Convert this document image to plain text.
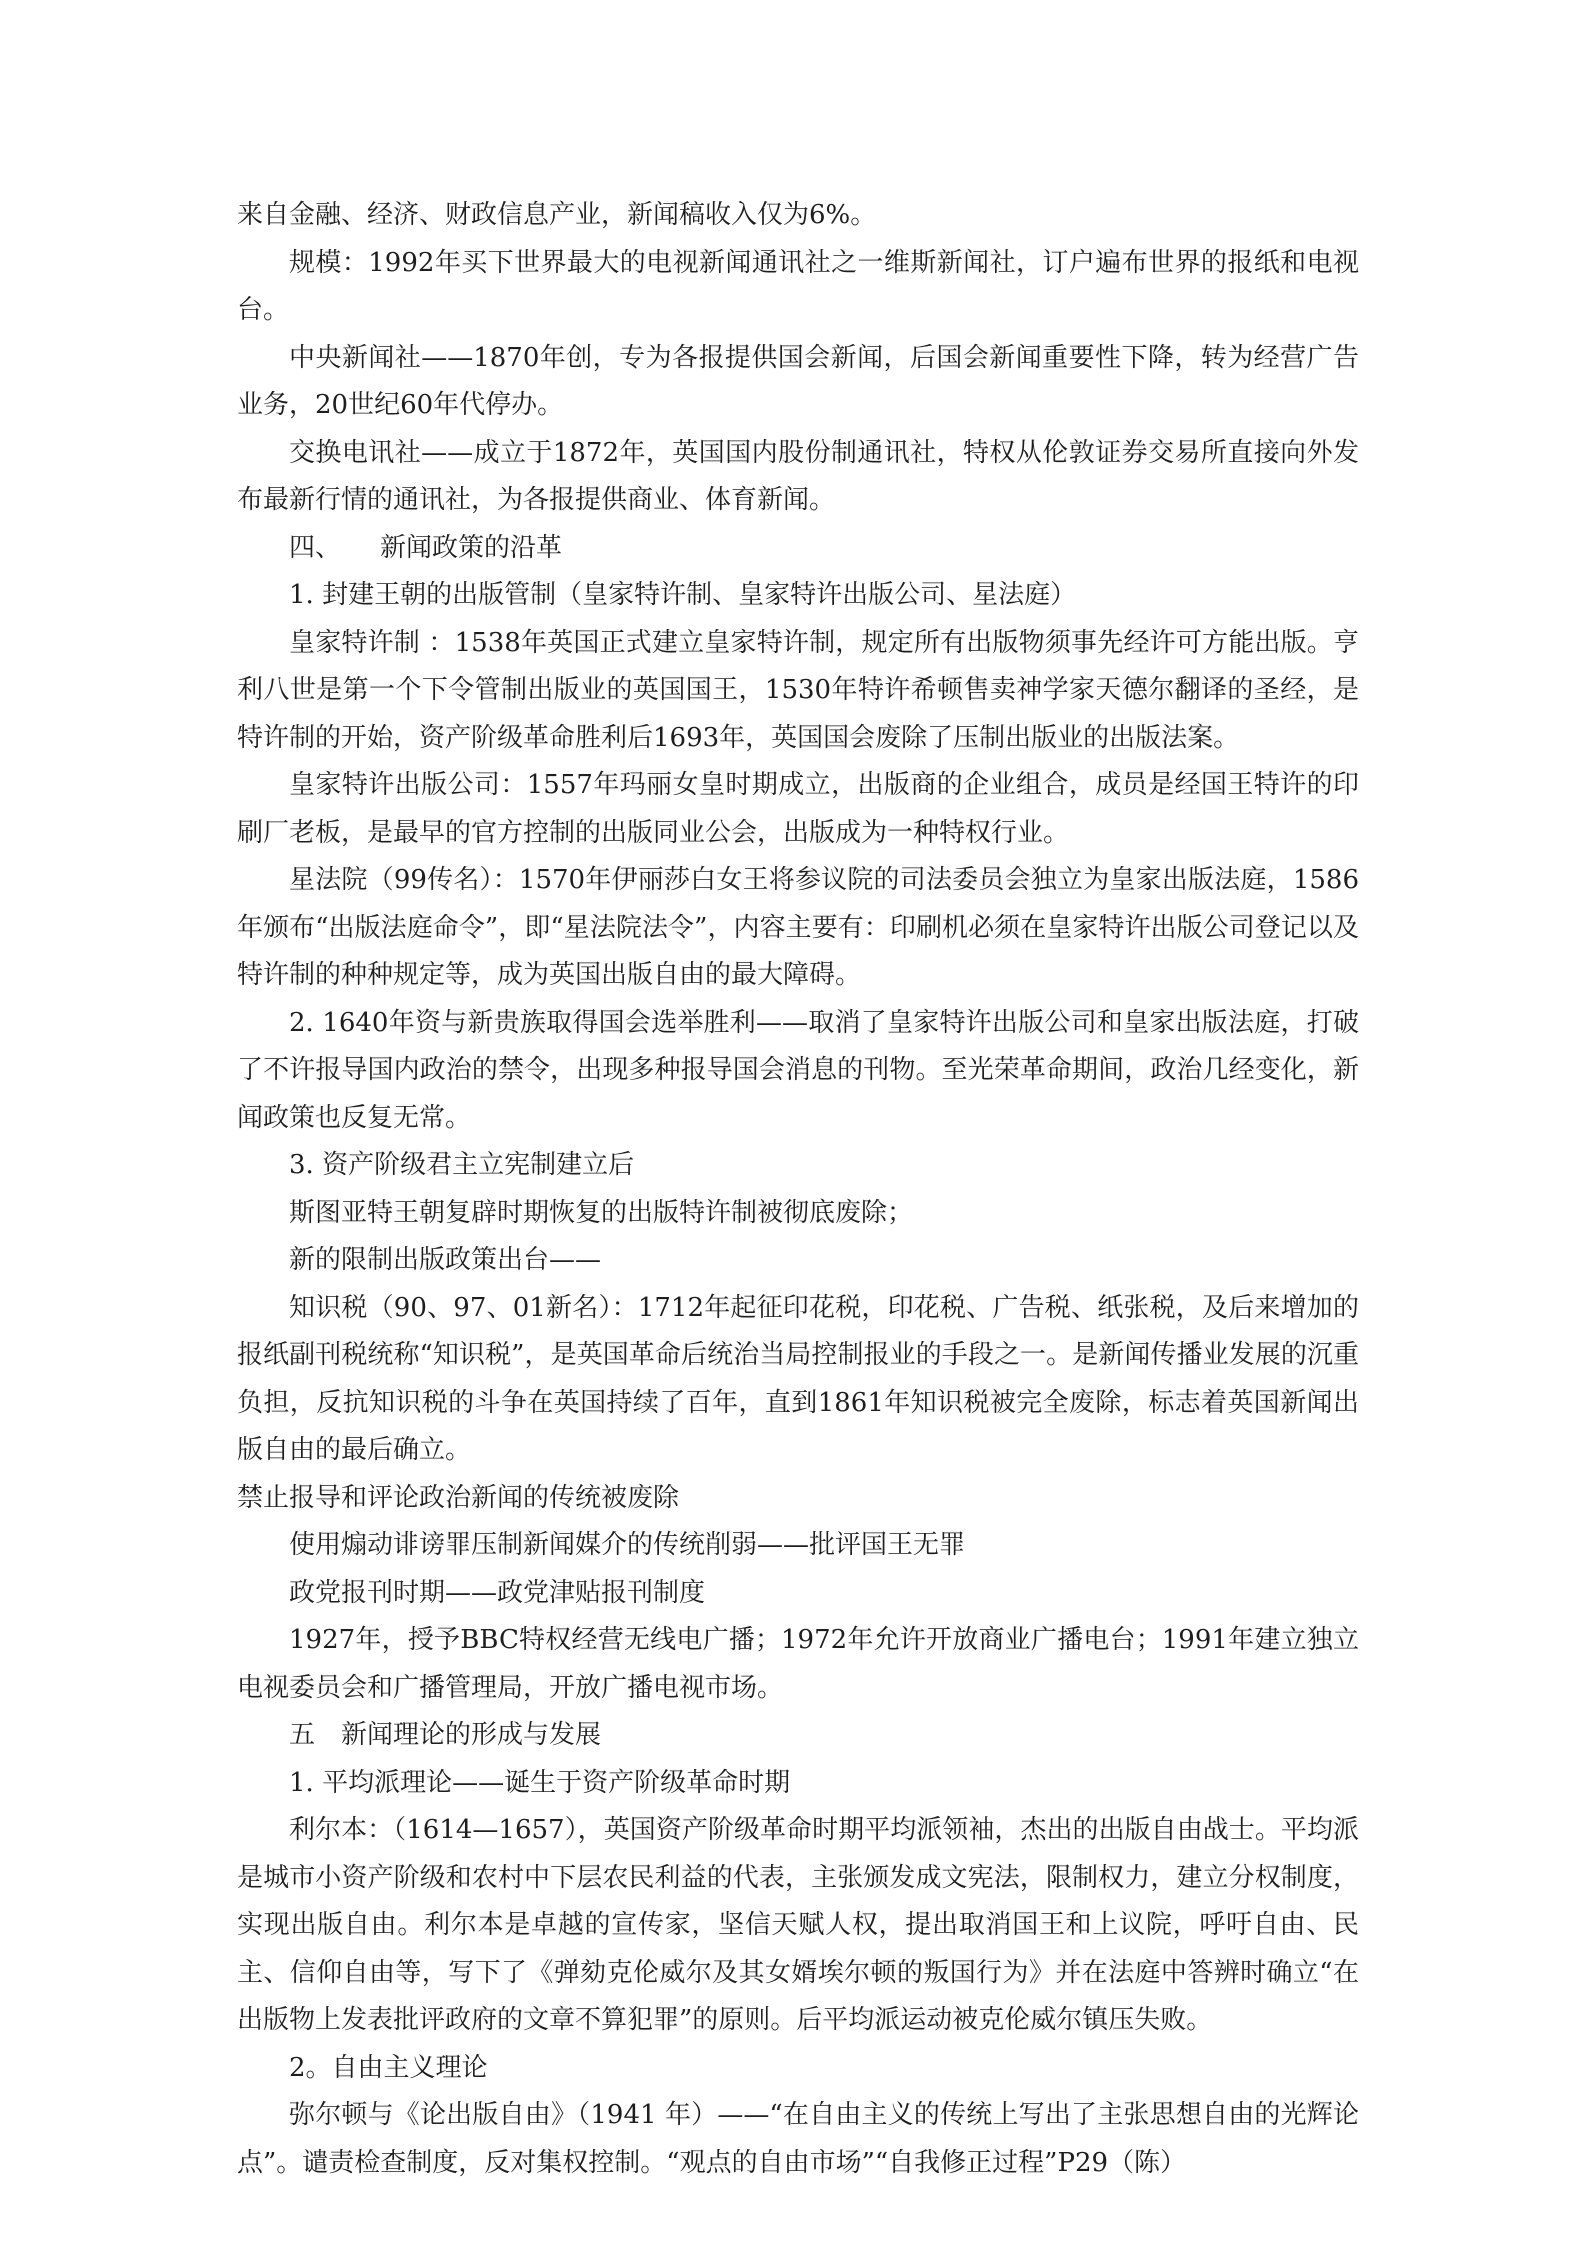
来自金融、经济、财政信息产业，新闻稿收入仅为6%。

规模：1992年买下世界最大的电视新闻通讯社之一维斯新闻社，订户遍布世界的报纸和电视台。

中央新闻社——1870年创，专为各报提供国会新闻，后国会新闻重要性下降，转为经营广告业务，20世纪60年代停办。

交换电讯社——成立于1872年，英国国内股份制通讯社，特权从伦敦证券交易所直接向外发布最新行情的通讯社，为各报提供商业、体育新闻。

四、　　新闻政策的沿革

1. 封建王朝的出版管制（皇家特许制、皇家特许出版公司、星法庭）

皇家特许制 ：1538年英国正式建立皇家特许制，规定所有出版物须事先经许可方能出版。亨利八世是第一个下令管制出版业的英国国王，1530年特许希顿售卖神学家天德尔翻译的圣经，是特许制的开始，资产阶级革命胜利后1693年，英国国会废除了压制出版业的出版法案。

皇家特许出版公司：1557年玛丽女皇时期成立，出版商的企业组合，成员是经国王特许的印刷厂老板，是最早的官方控制的出版同业公会，出版成为一种特权行业。

星法院（99传名）：1570年伊丽莎白女王将参议院的司法委员会独立为皇家出版法庭，1586年颁布“出版法庭命令”，即“星法院法令”，内容主要有：印刷机必须在皇家特许出版公司登记以及特许制的种种规定等，成为英国出版自由的最大障碍。

2. 1640年资与新贵族取得国会选举胜利——取消了皇家特许出版公司和皇家出版法庭，打破了不许报导国内政治的禁令，出现多种报导国会消息的刊物。至光荣革命期间，政治几经变化，新闻政策也反复无常。

3. 资产阶级君主立宪制建立后

斯图亚特王朝复辟时期恢复的出版特许制被彻底废除；

新的限制出版政策出台——

知识税（90、97、01新名）：1712年起征印花税，印花税、广告税、纸张税，及后来增加的报纸副刊税统称“知识税”，是英国革命后统治当局控制报业的手段之一。是新闻传播业发展的沉重负担，反抗知识税的斗争在英国持续了百年，直到1861年知识税被完全废除，标志着英国新闻出版自由的最后确立。

禁止报导和评论政治新闻的传统被废除

使用煽动诽谤罪压制新闻媒介的传统削弱——批评国王无罪

政党报刊时期——政党津贴报刊制度

1927年，授予BBC特权经营无线电广播；1972年允许开放商业广播电台；1991年建立独立电视委员会和广播管理局，开放广播电视市场。

五　新闻理论的形成与发展

1. 平均派理论——诞生于资产阶级革命时期

利尔本：（1614—1657），英国资产阶级革命时期平均派领袖，杰出的出版自由战士。平均派是城市小资产阶级和农村中下层农民利益的代表，主张颁发成文宪法，限制权力，建立分权制度，实现出版自由。利尔本是卓越的宣传家，坚信天赋人权，提出取消国王和上议院，呼吁自由、民主、信仰自由等，写下了《弹劾克伦威尔及其女婿埃尔顿的叛国行为》并在法庭中答辨时确立“在出版物上发表批评政府的文章不算犯罪”的原则。后平均派运动被克伦威尔镇压失败。

2。自由主义理论

弥尔顿与《论出版自由》（1941 年）——“在自由主义的传统上写出了主张思想自由的光辉论点”。谴责检查制度，反对集权控制。“观点的自由市场”“自我修正过程”P29（陈）
